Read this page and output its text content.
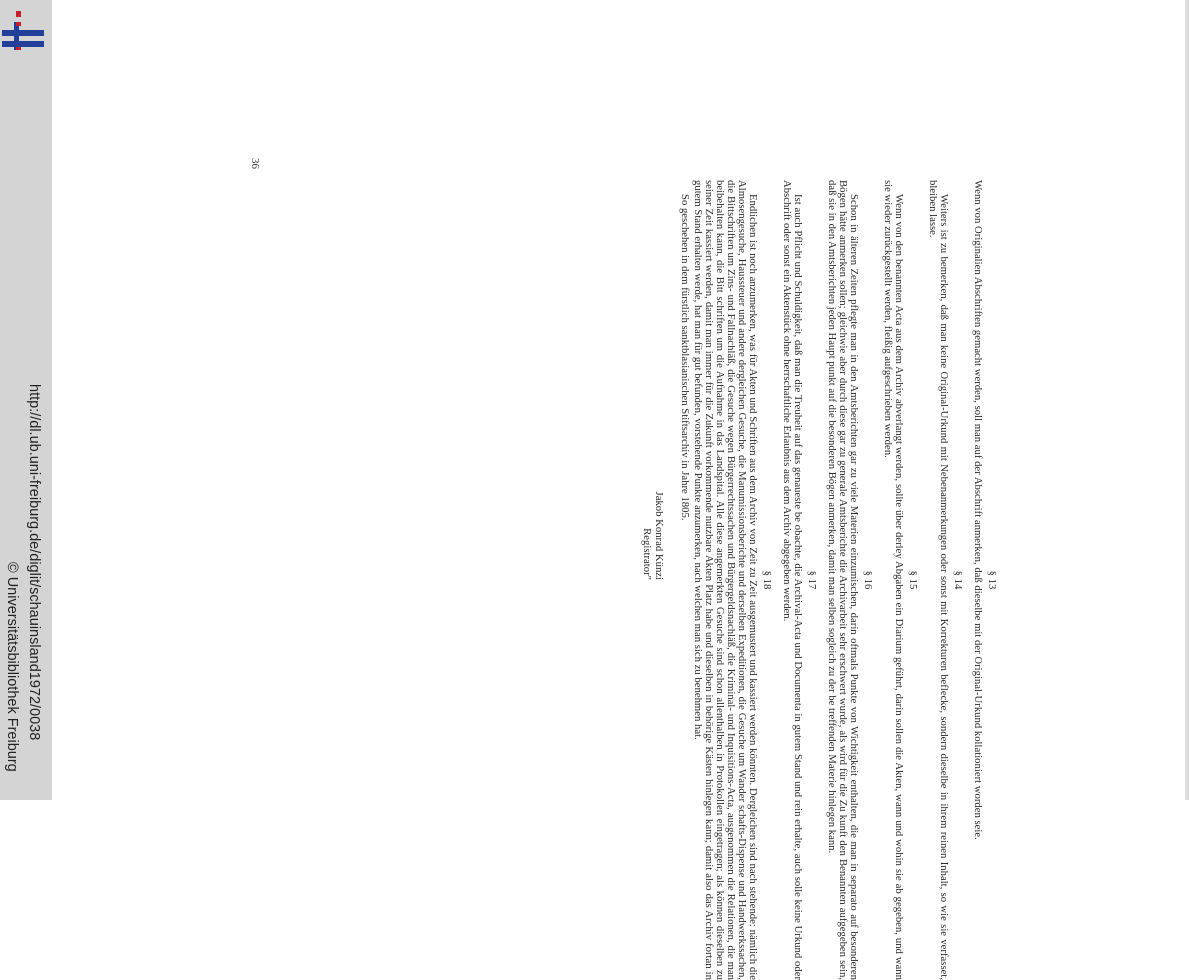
http://dl.ub.uni-freiburg.de/diglit/schauinsland1972/0038
© Universitätsbibliothek Freiburg
36

§ 13

Wenn von Originalien Abschriften gemacht werden, soll man auf der Abschrift anmerken, daß dieselbe mit der Original-Urkund kollationiert worden seie.

§ 14

Weiters ist zu bemerken, daß man keine Original-Urkund mit Nebenanmerkungen oder sonst mit Korrekturen beflecke, sondern dieselbe in ihrem reinen Inhalt, so wie sie verfasset, bleiben lasse.

§ 15

Wenn von den benannten Acta aus dem Archiv abverlangt werden, sollte über derley Abgaben ein Diarium geführt, darin sollen die Akten, wann und wohin sie ab gegeben, und wann sie wieder zurückgestellt werden, fleißig aufgeschrieben werden.

§ 16

Schon in älteren Zeiten pflegte man in den Amtsberichten gar zu viele Materien einzumischen, darin oftmals Punkte von Wichtigkeit enthalten, die man in separato auf besonderen Bögen hätte anmerken sollen; gleichwie aber durch diese gar zu generale Amtsberichte die Archivarbeit sehr erschwert wurde, als wird für die Zu kunft den Benannten aufgegeben sein, daß sie in den Amtsberichten jeden Haupt punkt auf die besonderen Bögen anmerken, damit man selben sogleich zu der be treffenden Materie hinlegen kann.

§ 17

Ist auch Pflicht und Schuldigkeit, daß man die Treuheit auf das genaueste be obachte, die Archival-Acta und Documenta in gutem Stand und rein erhalte, auch solle keine Urkund oder Abschrift oder sonst ein Aktenstück ohne herrschaftliche Erlaubnis aus dem Archiv abgegeben werden.

§ 18

Endlichen ist noch anzumerken, was für Akten und Schriften aus dem Archiv von Zeit zu Zeit ausgemustert und kassiert werden könnten. Dergleichen sind nach stehende: nämlich die Almosengesuche, Haussteuer und andere dergleichen Gesuche, die Manumissionsberichte und derselben Expeditionen, die Gesuche um Wander schafts-Dispense und Handwerkssachen, die Bittschriften um Zins- und Fallnachläß, die Gesuche wegen Bürgerrechtssachen und Bürgergeldsnachläß, die Kriminal- und Inquisitions-Acta, ausgenommen die Relationen, die man beibehalten kann, die Bitt schriften um die Aufnahme in das Landspital. Alle diese angemerkten Gesuche sind schon allenthalben in Protokollen eingetragen; als können dieselben zu seiner Zeit kassiert werden, damit man immer für die Zukunft vorkommende nutzbare Akten Platz habe und dieselben in behörige Kästen hinlegen kann; damit also das Archiv fortan in gutem Stand erhalten werde, hat man für gut befunden, vorstehende Punkte anzumerken, nach welchen man sich zu benehmen hat.

So geschehen in dem fürstlich sanktblasianischen Stiftsarchiv in Jahre 1805.

Jakob Konrad Künzi
Registrator"
